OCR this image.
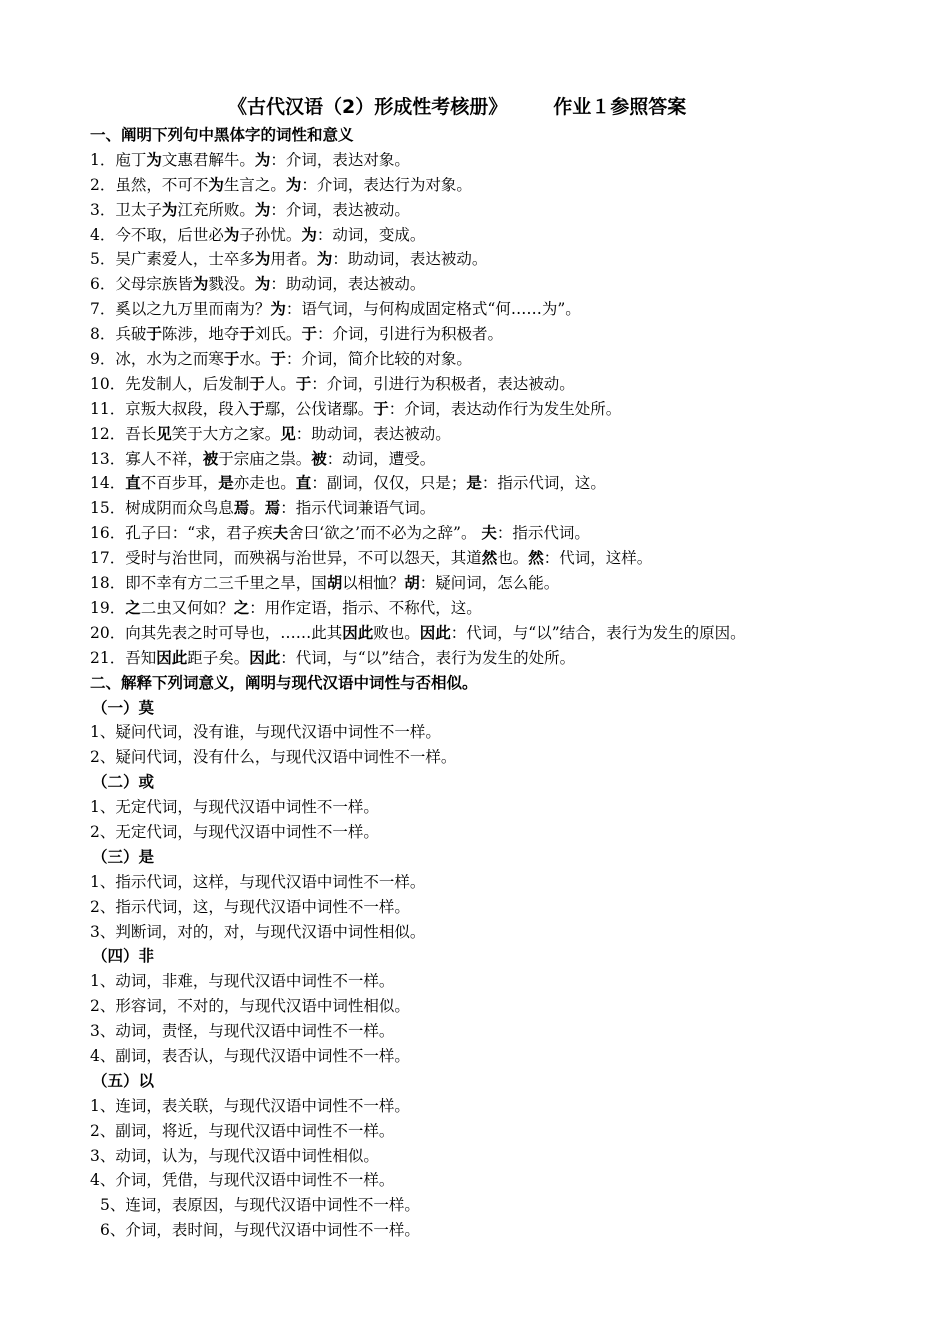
《古代汉语（2）形成性考核册》 作业１参照答案
一、阐明下列句中黑体字的词性和意义
1．庖丁为文惠君解牛。为：介词，表达对象。
2．虽然，不可不为生言之。为：介词，表达行为对象。
3．卫太子为江充所败。为：介词，表达被动。
4．今不取，后世必为子孙忧。为：动词，变成。
5．吴广素爱人，士卒多为用者。为：助动词，表达被动。
6．父母宗族皆为戮没。为：助动词，表达被动。
7．奚以之九万里而南为？为：语气词，与何构成固定格式“何……为”。
8．兵破于陈涉，地夺于刘氏。于：介词，引进行为积极者。
9．冰，水为之而寒于水。于：介词，简介比较的对象。
10．先发制人，后发制于人。于：介词，引进行为积极者，表达被动。
11．京叛大叔段，段入于鄢，公伐诸鄢。于：介词，表达动作行为发生处所。
12．吾长见笑于大方之家。见：助动词，表达被动。
13．寡人不祥，被于宗庙之祟。被：动词，遭受。
14．直不百步耳，是亦走也。直：副词，仅仅，只是；是：指示代词，这。
15．树成阴而众鸟息焉。焉：指示代词兼语气词。
16．孔子曰：“求，君子疾夫舍曰‘欲之’而不必为之辞”。 夫：指示代词。
17．受时与治世同，而殃祸与治世异，不可以怨天，其道然也。然：代词，这样。
18．即不幸有方二三千里之旱，国胡以相恤？胡：疑问词，怎么能。
19．之二虫又何如？之：用作定语，指示、不称代，这。
20．向其先表之时可导也，……此其因此败也。因此：代词，与“以”结合，表行为发生的原因。
21．吾知因此距子矣。因此：代词，与“以”结合，表行为发生的处所。
二、解释下列词意义，阐明与现代汉语中词性与否相似。
（一）莫
1、疑问代词，没有谁，与现代汉语中词性不一样。
2、疑问代词，没有什么，与现代汉语中词性不一样。
（二）或
1、无定代词，与现代汉语中词性不一样。
2、无定代词，与现代汉语中词性不一样。
（三）是
1、指示代词，这样，与现代汉语中词性不一样。
2、指示代词，这，与现代汉语中词性不一样。
3、判断词，对的，对，与现代汉语中词性相似。
（四）非
1、动词，非难，与现代汉语中词性不一样。
2、形容词，不对的，与现代汉语中词性相似。
3、动词，责怪，与现代汉语中词性不一样。
4、副词，表否认，与现代汉语中词性不一样。
（五）以
1、连词，表关联，与现代汉语中词性不一样。
2、副词，将近，与现代汉语中词性不一样。
3、动词，认为，与现代汉语中词性相似。
4、介词，凭借，与现代汉语中词性不一样。
5、连词，表原因，与现代汉语中词性不一样。
6、介词，表时间，与现代汉语中词性不一样。
